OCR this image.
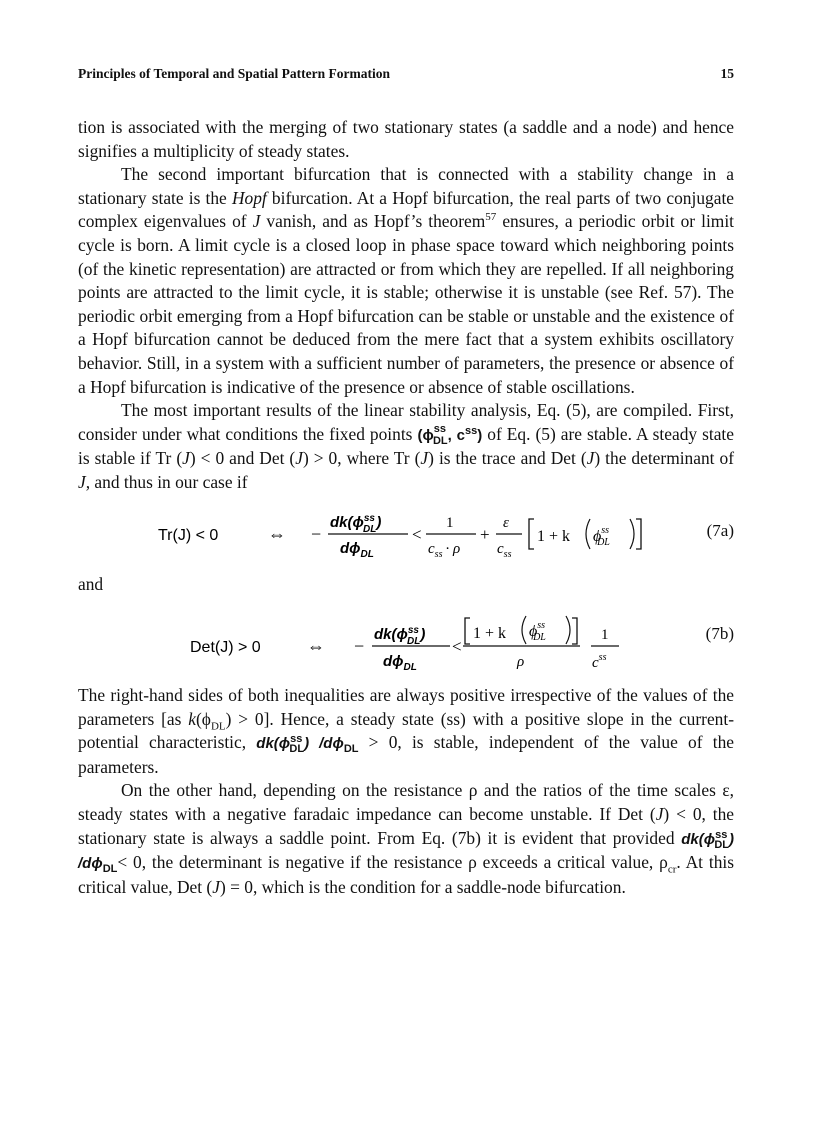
Principles of Temporal and Spatial Pattern Formation	15

tion is associated with the merging of two stationary states (a saddle and a node) and hence signifies a multiplicity of steady states.

The second important bifurcation that is connected with a stability change in a stationary state is the Hopf bifurcation. At a Hopf bifurcation, the real parts of two conjugate complex eigenvalues of J vanish, and as Hopf’s theorem$^{57}$ ensures, a periodic orbit or limit cycle is born. A limit cycle is a closed loop in phase space toward which neighboring points (of the kinetic representation) are attracted or from which they are repelled. If all neighboring points are attracted to the limit cycle, it is stable; otherwise it is unstable (see Ref. 57). The periodic orbit emerging from a Hopf bifurcation can be stable or unstable and the existence of a Hopf bifurcation cannot be deduced from the mere fact that a system exhibits oscillatory behavior. Still, in a system with a sufficient number of parameters, the presence or absence of a Hopf bifurcation is indicative of the presence or absence of stable oscillations.

The most important results of the linear stability analysis, Eq. (5), are compiled. First, consider under what conditions the fixed points ($\phi^{ss}_{DL}$, $c^{ss}$) of Eq. (5) are stable. A steady state is stable if Tr (J) < 0 and Det (J) > 0, where Tr (J) is the trace and Det (J) the determinant of J, and thus in our case if

Tr(J) < 0	⇔ −
$dk(\phi^{ss}$ DL)
$d\phi_{DL}$
<
1
$c_{ss} \cdot \rho$
+
ε
$c_{ss}$
1 + k $\phi^{ss}$ DL
(7a)

and

Det(J) > 0	⇔ −
$dk(\phi^{ss}$ DL)
$d\phi_{DL}$
<
1 + k $\phi^{ss}$ DL
ρ
1
$c^{ss}$
(7b)

The right-hand sides of both inequalities are always positive irrespective of the values of the parameters [as $k(\phi_{DL}) > 0$]. Hence, a steady state (ss) with a positive slope in the current-potential characteristic, $dk(\phi^{ss}_{DL}) /d\phi_{DL} > 0$, is stable, independent of the value of the parameters.

On the other hand, depending on the resistance ρ and the ratios of the time scales ε, steady states with a negative faradaic impedance can become unstable. If Det (J) < 0, the stationary state is always a saddle point. From Eq. (7b) it is evident that provided $dk(\phi^{ss}_{DL})$ $/d\phi_{DL}< 0$, the determinant is negative if the resistance ρ exceeds a critical value, $\rho_{cr}$. At this critical value, Det (J) = 0, which is the condition for a saddle-node bifurcation.
